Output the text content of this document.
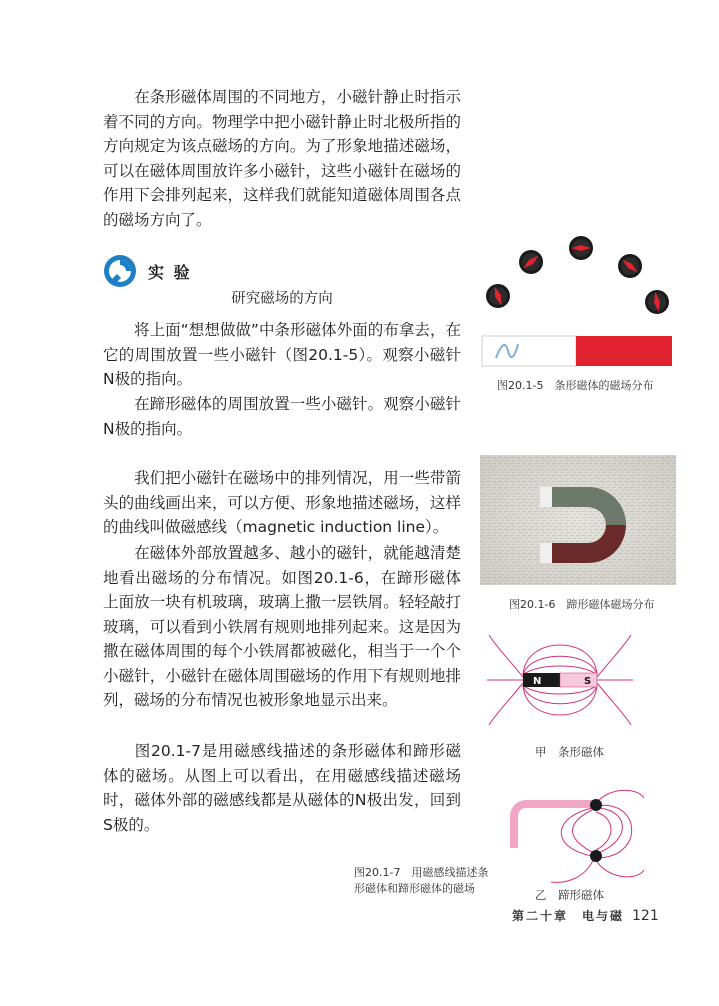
在条形磁体周围的不同地方，小磁针静止时指示着不同的方向。物理学中把小磁针静止时北极所指的方向规定为该点磁场的方向。为了形象地描述磁场，可以在磁体周围放许多小磁针，这些小磁针在磁场的作用下会排列起来，这样我们就能知道磁体周围各点的磁场方向了。

实 验
研究磁场的方向

将上面“想想做做”中条形磁体外面的布拿去，在它的周围放置一些小磁针（图20.1-5）。观察小磁针N极的指向。

在蹄形磁体的周围放置一些小磁针。观察小磁针N极的指向。

我们把小磁针在磁场中的排列情况，用一些带箭头的曲线画出来，可以方便、形象地描述磁场，这样的曲线叫做磁感线（magnetic induction line）。

在磁体外部放置越多、越小的磁针，就能越清楚地看出磁场的分布情况。如图20.1-6，在蹄形磁体上面放一块有机玻璃，玻璃上撒一层铁屑。轻轻敲打玻璃，可以看到小铁屑有规则地排列起来。这是因为撒在磁体周围的每个小铁屑都被磁化，相当于一个个小磁针，小磁针在磁体周围磁场的作用下有规则地排列，磁场的分布情况也被形象地显示出来。

图20.1-7是用磁感线描述的条形磁体和蹄形磁体的磁场。从图上可以看出，在用磁感线描述磁场时，磁体外部的磁感线都是从磁体的N极出发，回到S极的。

图20.1-5　条形磁体的磁场分布
图20.1-6　蹄形磁体磁场分布
N	S
甲　条形磁体
N
S
图20.1-7　用磁感线描述条
形磁体和蹄形磁体的磁场	乙　蹄形磁体
第二十章　电与磁 121
